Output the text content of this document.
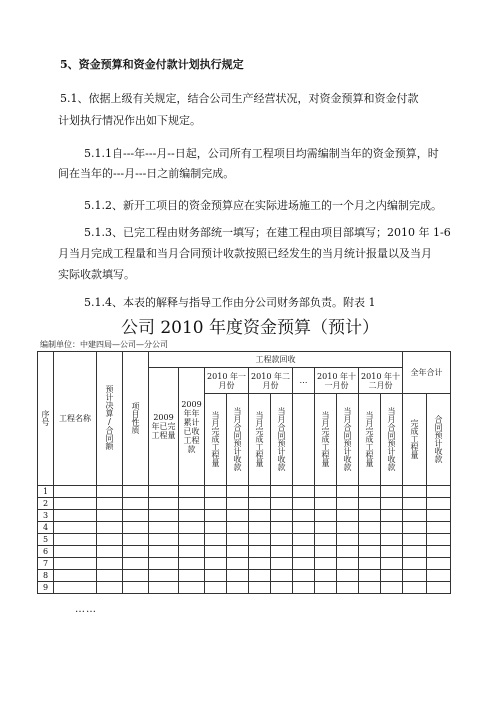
5、资金预算和资金付款计划执行规定
5.1、依据上级有关规定，结合公司生产经营状况，对资金预算和资金付款
计划执行情况作出如下规定。
5.1.1自---年---月--日起，公司所有工程项目均需编制当年的资金预算，时
间在当年的---月---日之前编制完成。
5.1.2、新开工项目的资金预算应在实际进场施工的一个月之内编制完成。
5.1.3、已完工程由财务部统一填写；在建工程由项目部填写；2010 年 1-6
月当月完成工程量和当月合同预计收款按照已经发生的当月统计报量以及当月
实际收款填写。
5.1.4、本表的解释与指导工作由分公司财务部负责。附表 1
公司 2010 年度资金预算（预计）
编制单位：中建四局—公司—分公司
序号	工程名称	预计决算/合同额	项目性质	工程款回收											全年合计	

				2009年已完工程量	2009年年累计已收工程款	2010 年一月份		2010 年二月份		…	2010 年十一月份		2010 年十二月份			

						当月完成工程量	当月合同预计收款	当月完成工程量	当月合同预计收款		当月完成工程量	当月合同预计收款	当月完成工程量	当月合同预计收款	完成工程量	合同预计收款
1																
2																
3																
4																
5																
6																
7																
8																
9																
……
